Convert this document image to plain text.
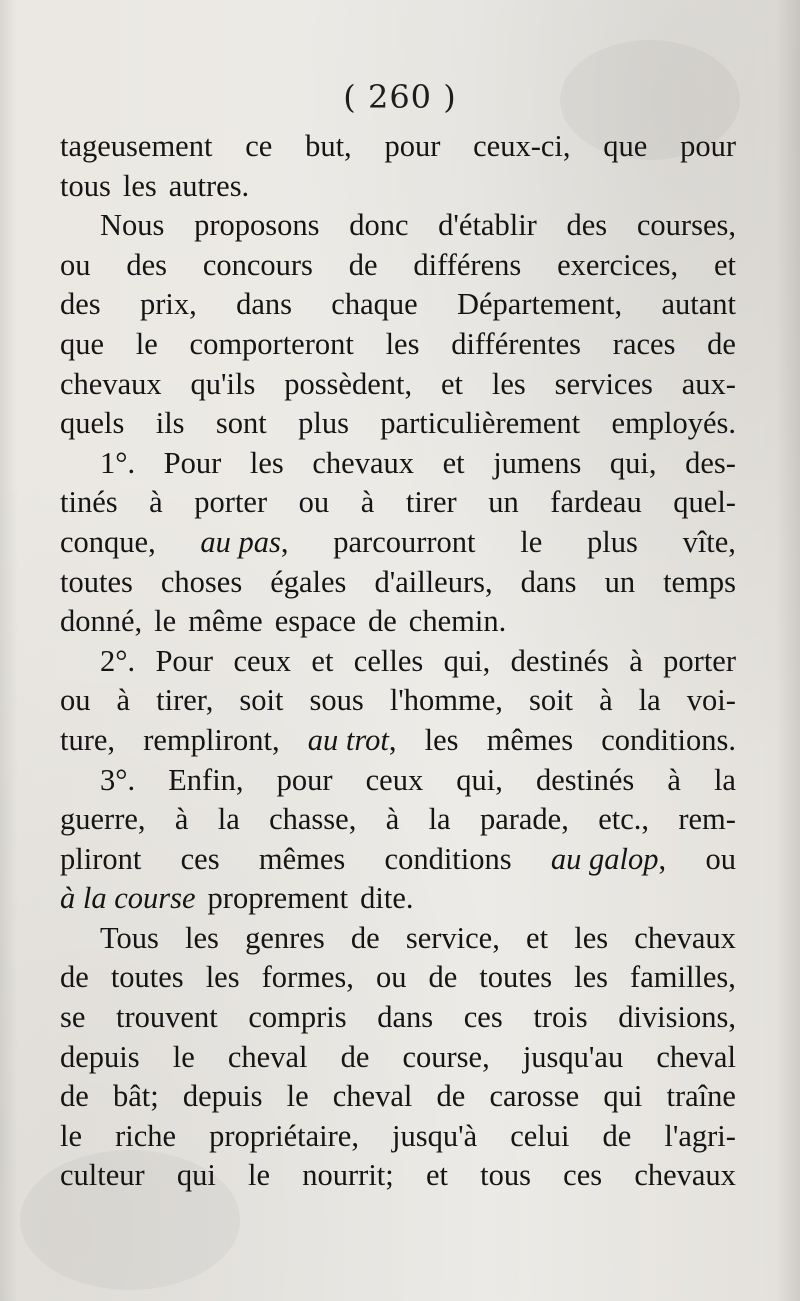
( 260 )
tageusement ce but, pour ceux-ci, que pour
tous les autres.
Nous proposons donc d'établir des courses,
ou des concours de différens exercices, et
des prix, dans chaque Département, autant
que le comporteront les différentes races de
chevaux qu'ils possèdent, et les services aux-
quels ils sont plus particulièrement employés.
1°. Pour les chevaux et jumens qui, des-
tinés à porter ou à tirer un fardeau quel-
conque, au pas, parcourront le plus vîte,
toutes choses égales d'ailleurs, dans un temps
donné, le même espace de chemin.
2°. Pour ceux et celles qui, destinés à porter
ou à tirer, soit sous l'homme, soit à la voi-
ture, rempliront, au trot, les mêmes conditions.
3°. Enfin, pour ceux qui, destinés à la
guerre, à la chasse, à la parade, etc., rem-
pliront ces mêmes conditions au galop, ou
à la course proprement dite.
Tous les genres de service, et les chevaux
de toutes les formes, ou de toutes les familles,
se trouvent compris dans ces trois divisions,
depuis le cheval de course, jusqu'au cheval
de bât; depuis le cheval de carosse qui traîne
le riche propriétaire, jusqu'à celui de l'agri-
culteur qui le nourrit; et tous ces chevaux
